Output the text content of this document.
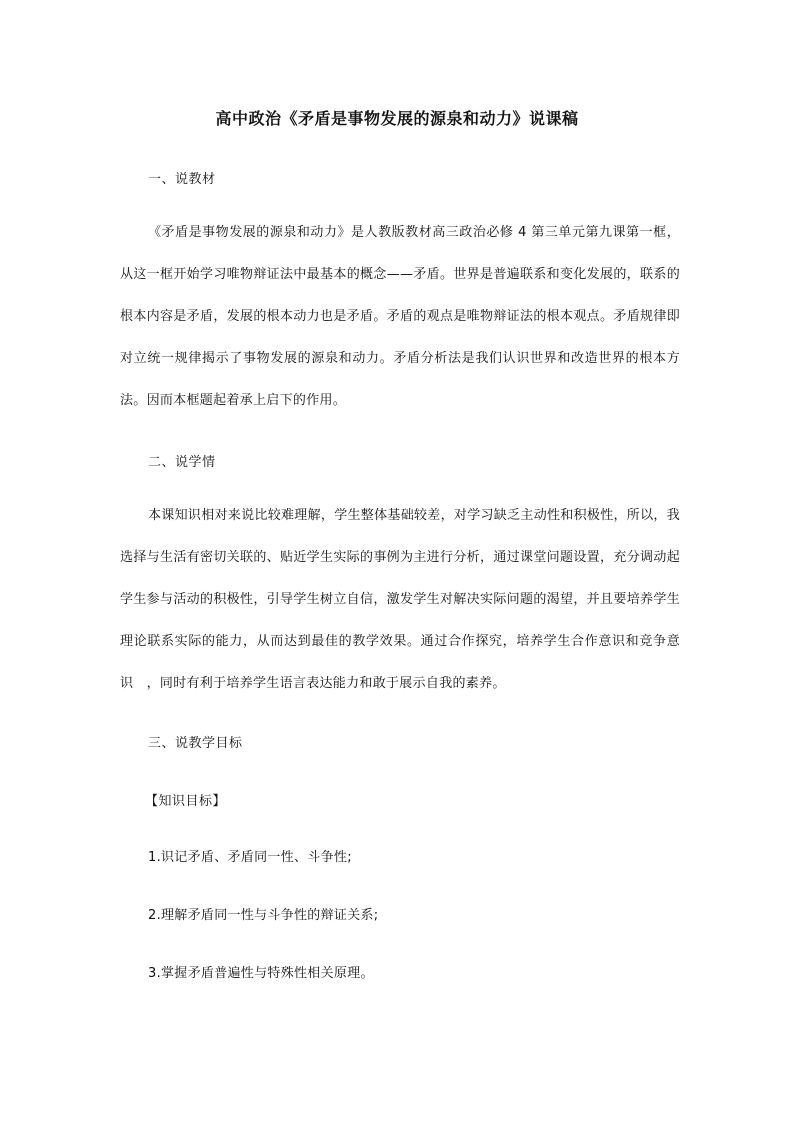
高中政治《矛盾是事物发展的源泉和动力》说课稿
一、说教材

《矛盾是事物发展的源泉和动力》是人教版教材高三政治必修 4 第三单元第九课第一框，从这一框开始学习唯物辩证法中最基本的概念——矛盾。世界是普遍联系和变化发展的，联系的根本内容是矛盾，发展的根本动力也是矛盾。矛盾的观点是唯物辩证法的根本观点。矛盾规律即对立统一规律揭示了事物发展的源泉和动力。矛盾分析法是我们认识世界和改造世界的根本方法。因而本框题起着承上启下的作用。

二、说学情

本课知识相对来说比较难理解，学生整体基础较差，对学习缺乏主动性和积极性，所以，我选择与生活有密切关联的、贴近学生实际的事例为主进行分析，通过课堂问题设置，充分调动起学生参与活动的积极性，引导学生树立自信，激发学生对解决实际问题的渴望，并且要培养学生理论联系实际的能力，从而达到最佳的教学效果。通过合作探究，培养学生合作意识和竞争意识　，同时有利于培养学生语言表达能力和敢于展示自我的素养。

三、说教学目标
【知识目标】
1.识记矛盾、矛盾同一性、斗争性;
2.理解矛盾同一性与斗争性的辩证关系;
3.掌握矛盾普遍性与特殊性相关原理。
